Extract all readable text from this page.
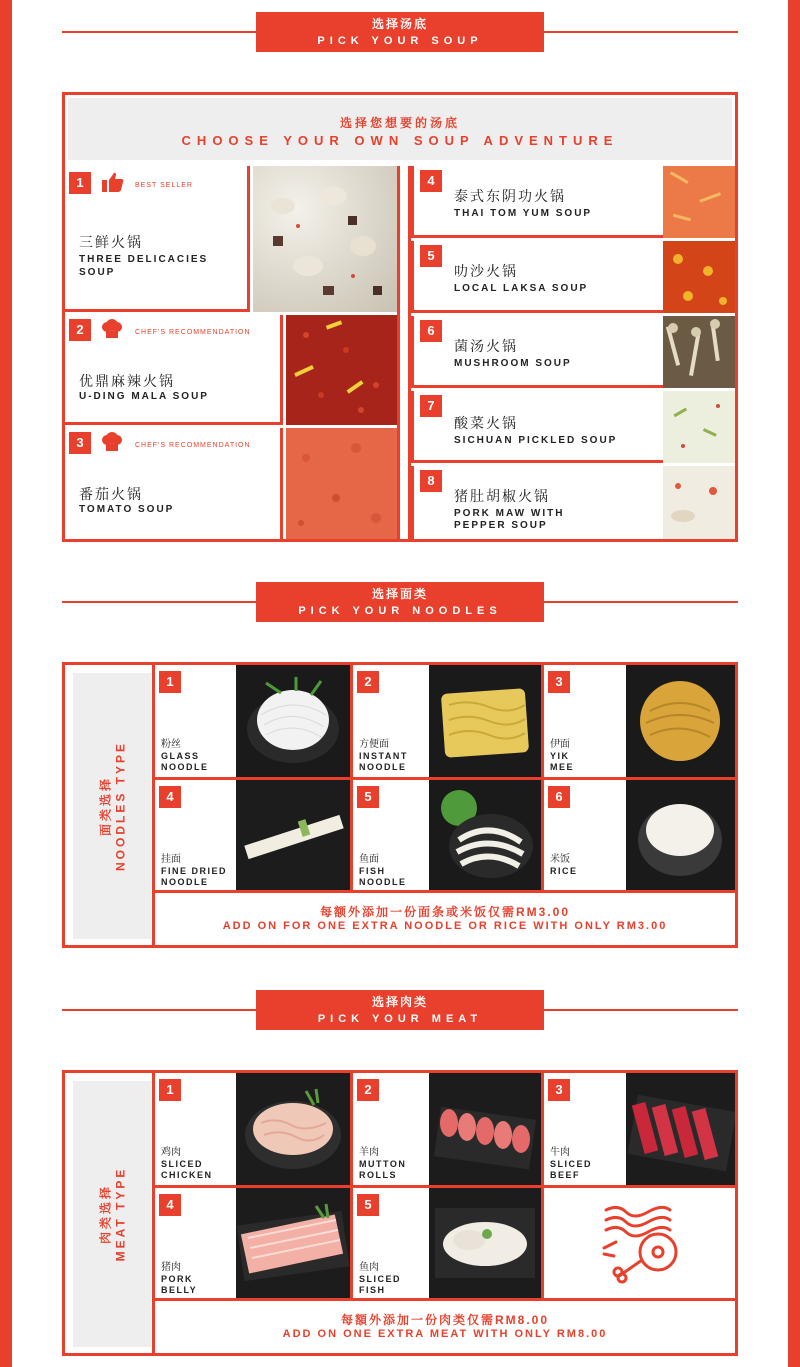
选择汤底
PICK YOUR SOUP
选择您想要的汤底
CHOOSE YOUR OWN SOUP ADVENTURE
1	BEST SELLER
三鲜火锅
THREE DELICACIES
SOUP
2	CHEF'S RECOMMENDATION
优鼎麻辣火锅
U-DING MALA SOUP
3	CHEF'S RECOMMENDATION
番茄火锅
TOMATO SOUP
4
泰式东阴功火锅
THAI TOM YUM SOUP
5
叻沙火锅
LOCAL LAKSA SOUP
6
菌汤火锅
MUSHROOM SOUP
7
酸菜火锅
SICHUAN PICKLED SOUP
8
猪肚胡椒火锅
PORK MAW WITH
PEPPER SOUP
选择面类
PICK YOUR NOODLES
面类选择 NOODLES TYPE
1
粉丝
GLASS
NOODLE
2
方便面
INSTANT
NOODLE
3
伊面
YIK
MEE
4
挂面
FINE DRIED
NOODLE
5
鱼面
FISH
NOODLE
6
米饭
RICE
每额外添加一份面条或米饭仅需RM3.00
ADD ON FOR ONE EXTRA NOODLE OR RICE WITH ONLY RM3.00
选择肉类
PICK YOUR MEAT
肉类选择 MEAT TYPE
1
鸡肉
SLICED
CHICKEN
2
羊肉
MUTTON
ROLLS
3
牛肉
SLICED
BEEF
4
猪肉
PORK
BELLY
5
鱼肉
SLICED
FISH
每額外添加一份肉类仅需RM8.00
ADD ON ONE EXTRA MEAT WITH ONLY RM8.00
